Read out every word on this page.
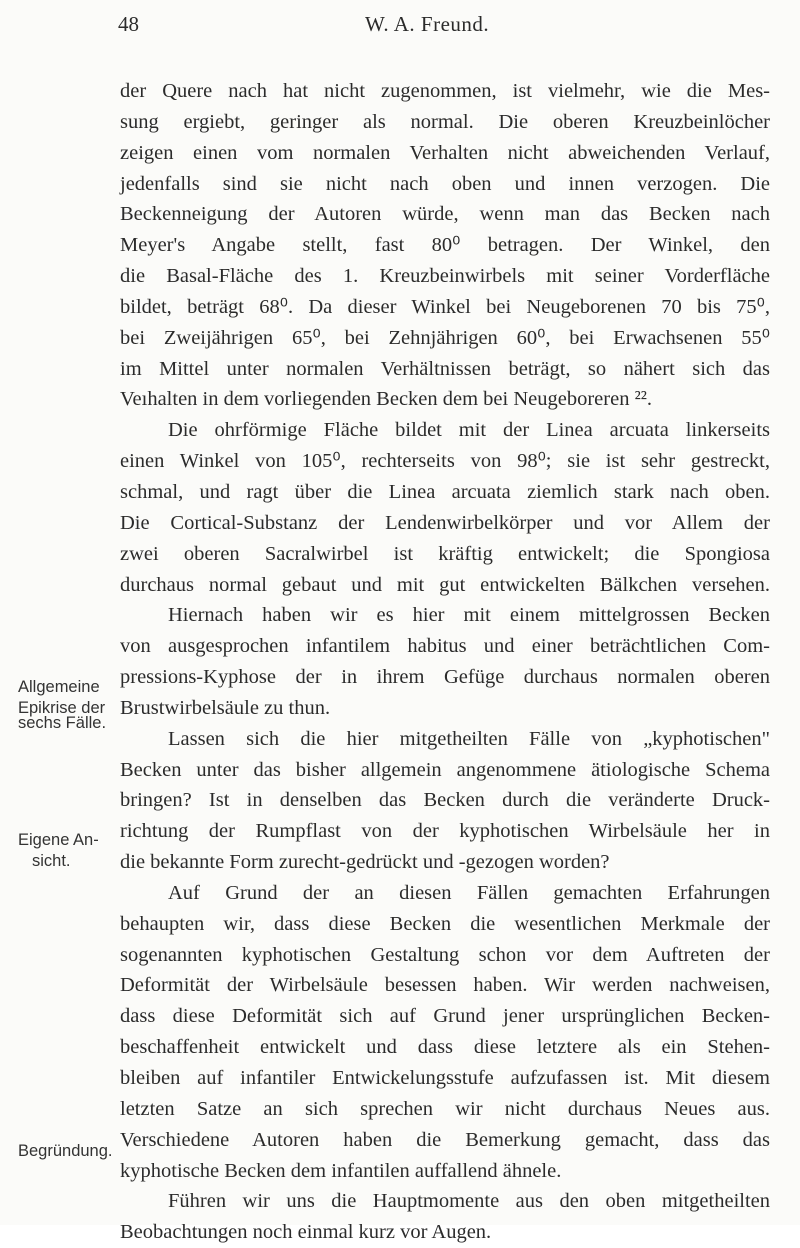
48	W. A. Freund.
der Quere nach hat nicht zugenommen, ist vielmehr, wie die Mes-
sung ergiebt, geringer als normal. Die oberen Kreuzbeinlöcher
zeigen einen vom normalen Verhalten nicht abweichenden Verlauf,
jedenfalls sind sie nicht nach oben und innen verzogen. Die
Beckenneigung der Autoren würde, wenn man das Becken nach
Meyer's Angabe stellt, fast 80⁰ betragen. Der Winkel, den
die Basal-Fläche des 1. Kreuzbeinwirbels mit seiner Vorderfläche
bildet, beträgt 68⁰. Da dieser Winkel bei Neugeborenen 70 bis 75⁰,
bei Zweijährigen 65⁰, bei Zehnjährigen 60⁰, bei Erwachsenen 55⁰
im Mittel unter normalen Verhältnissen beträgt, so nähert sich das
Veıhalten in dem vorliegenden Becken dem bei Neugeboreren ²².
Die ohrförmige Fläche bildet mit der Linea arcuata linkerseits
einen Winkel von 105⁰, rechterseits von 98⁰; sie ist sehr gestreckt,
schmal, und ragt über die Linea arcuata ziemlich stark nach oben.
Die Cortical-Substanz der Lendenwirbelkörper und vor Allem der
zwei oberen Sacralwirbel ist kräftig entwickelt; die Spongiosa
durchaus normal gebaut und mit gut entwickelten Bälkchen versehen.
Hiernach haben wir es hier mit einem mittelgrossen Becken
von ausgesprochen infantilem habitus und einer beträchtlichen Com-
pressions-Kyphose der in ihrem Gefüge durchaus normalen oberen
Brustwirbelsäule zu thun.
Lassen sich die hier mitgetheilten Fälle von „kyphotischen"
Becken unter das bisher allgemein angenommene ätiologische Schema
bringen? Ist in denselben das Becken durch die veränderte Druck-
richtung der Rumpflast von der kyphotischen Wirbelsäule her in
die bekannte Form zurecht-gedrückt und -gezogen worden?
Auf Grund der an diesen Fällen gemachten Erfahrungen
behaupten wir, dass diese Becken die wesentlichen Merkmale der
sogenannten kyphotischen Gestaltung schon vor dem Auftreten der
Deformität der Wirbelsäule besessen haben. Wir werden nachweisen,
dass diese Deformität sich auf Grund jener ursprünglichen Becken-
beschaffenheit entwickelt und dass diese letztere als ein Stehen-
bleiben auf infantiler Entwickelungsstufe aufzufassen ist. Mit diesem
letzten Satze an sich sprechen wir nicht durchaus Neues aus.
Verschiedene Autoren haben die Bemerkung gemacht, dass das
kyphotische Becken dem infantilen auffallend ähnele.
Führen wir uns die Hauptmomente aus den oben mitgetheilten
Beobachtungen noch einmal kurz vor Augen.
Allgemeine
Epikrise der
sechs Fälle.
Eigene An-
sicht.
Begründung.
